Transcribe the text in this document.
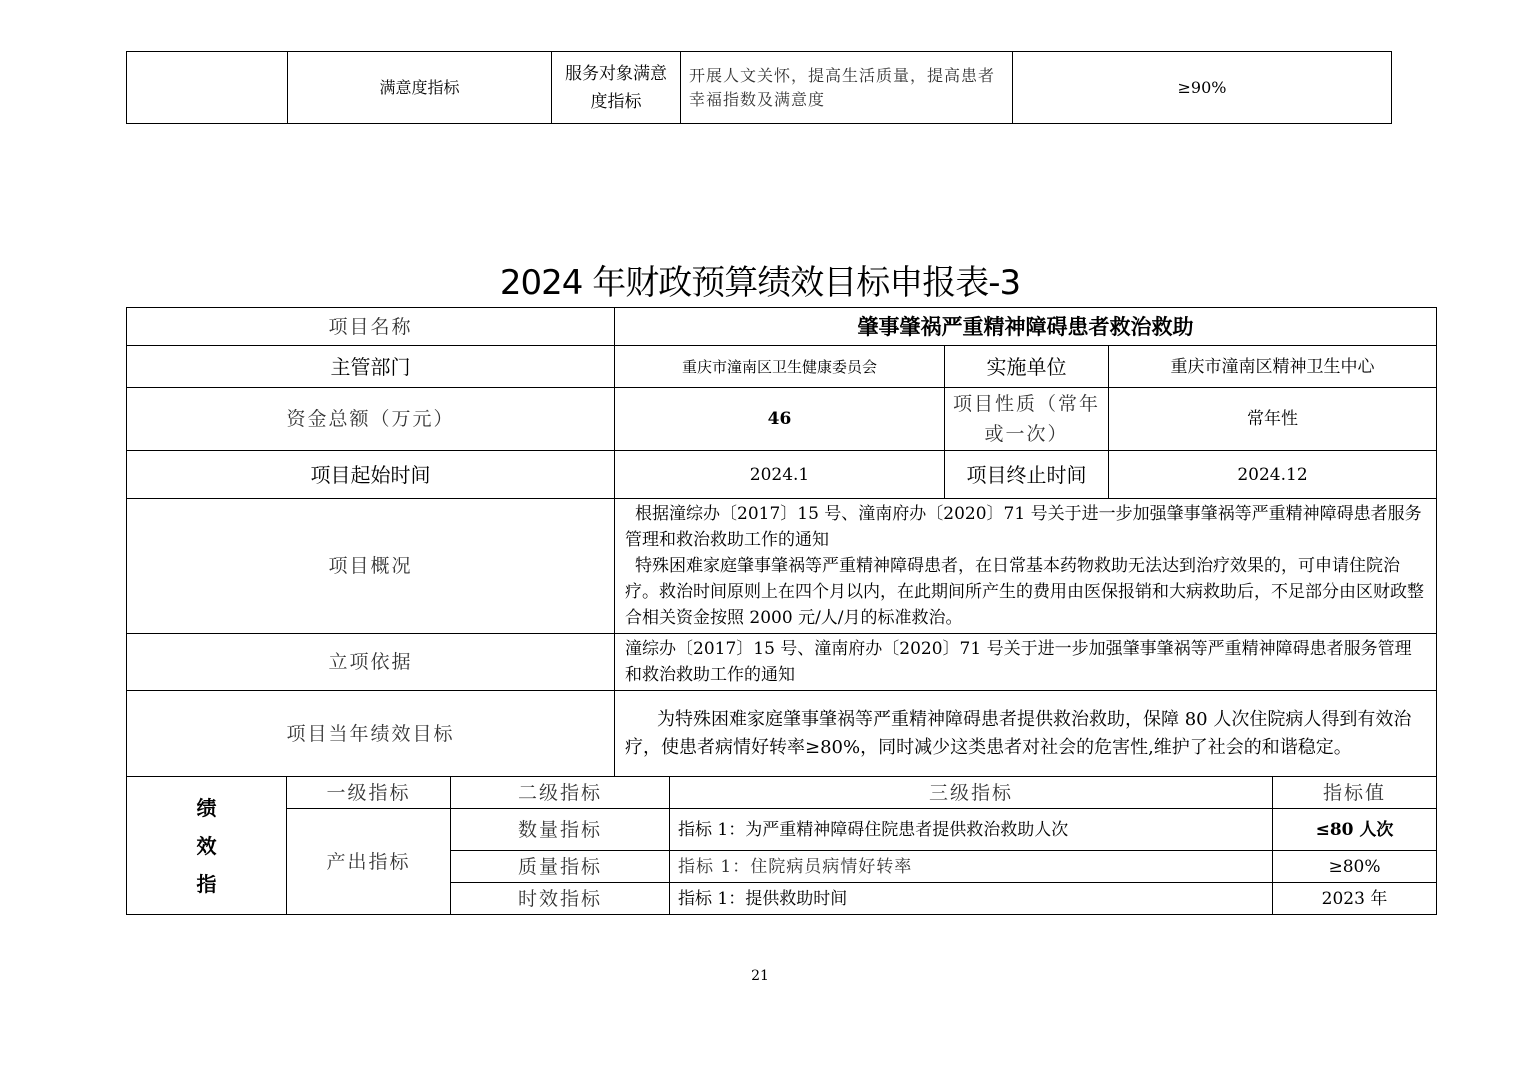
	满意度指标	服务对象满意度指标	开展人文关怀，提高生活质量，提高患者幸福指数及满意度	≥90%
2024 年财政预算绩效目标申报表-3
项目名称			肇事肇祸严重精神障碍患者救治救助				
主管部门			重庆市潼南区卫生健康委员会		实施单位	重庆市潼南区精神卫生中心	
资金总额（万元）			46		项目性质（常年或一次）	常年性	
项目起始时间			2024.1		项目终止时间	2024.12	
项目概况			根据潼综办〔2017〕15 号、潼南府办〔2020〕71 号关于进一步加强肇事肇祸等严重精神障碍患者服务管理和救治救助工作的通知

特殊困难家庭肇事肇祸等严重精神障碍患者，在日常基本药物救助无法达到治疗效果的，可申请住院治疗。救治时间原则上在四个月以内，在此期间所产生的费用由医保报销和大病救助后，不足部分由区财政整合相关资金按照 2000 元/人/月的标准救治。				

立项依据			潼综办〔2017〕15 号、潼南府办〔2020〕71 号关于进一步加强肇事肇祸等严重精神障碍患者服务管理和救治救助工作的通知				
项目当年绩效目标			为特殊困难家庭肇事肇祸等严重精神障碍患者提供救治救助，保障 80 人次住院病人得到有效治疗，使患者病情好转率≥80%，同时减少这类患者对社会的危害性,维护了社会的和谐稳定。				
绩效指	一级指标	二级指标		三级指标			指标值
	产出指标	数量指标		指标 1：为严重精神障碍住院患者提供救治救助人次			≤80 人次
		质量指标		指标 1：住院病员病情好转率			≥80%
		时效指标		指标 1：提供救助时间			2023 年
21
